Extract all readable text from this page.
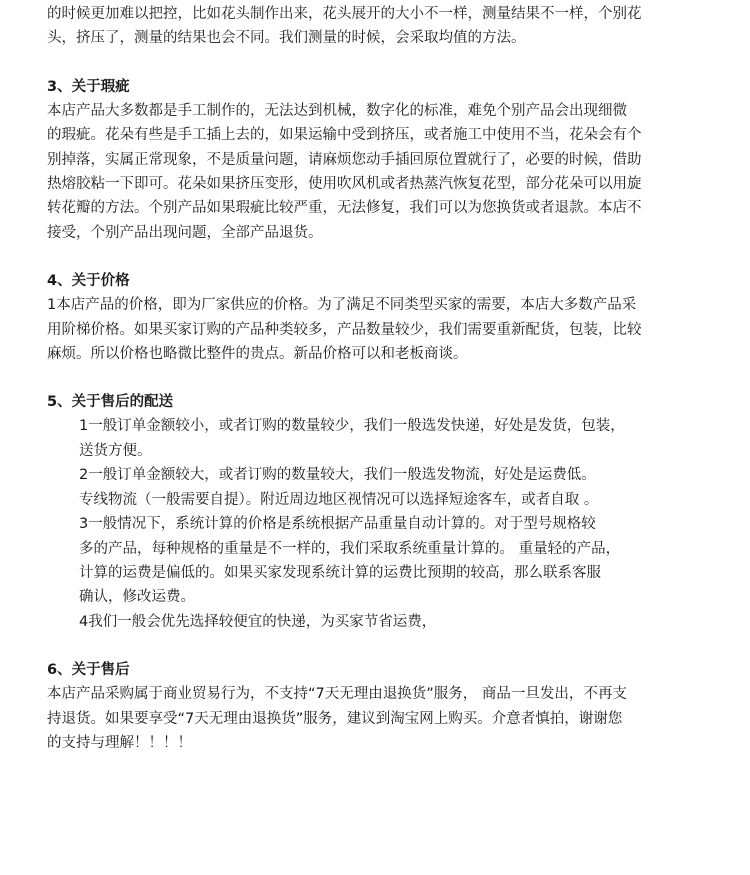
的时候更加难以把控，比如花头制作出来，花头展开的大小不一样，测量结果不一样，个别花

头，挤压了，测量的结果也会不同。我们测量的时候，会采取均值的方法。

3、关于瑕疵

本店产品大多数都是手工制作的，无法达到机械，数字化的标准，难免个别产品会出现细微

的瑕疵。花朵有些是手工插上去的，如果运输中受到挤压，或者施工中使用不当，花朵会有个

别掉落，实属正常现象，不是质量问题，请麻烦您动手插回原位置就行了，必要的时候，借助

热熔胶粘一下即可。花朵如果挤压变形，使用吹风机或者热蒸汽恢复花型，部分花朵可以用旋

转花瓣的方法。个别产品如果瑕疵比较严重，无法修复，我们可以为您换货或者退款。本店不

接受，个别产品出现问题，全部产品退货。

4、关于价格

1本店产品的价格，即为厂家供应的价格。为了满足不同类型买家的需要，本店大多数产品采

用阶梯价格。如果买家订购的产品种类较多，产品数量较少，我们需要重新配货，包装，比较

麻烦。所以价格也略微比整件的贵点。新品价格可以和老板商谈。

5、关于售后的配送

1一般订单金额较小，或者订购的数量较少，我们一般选发快递，好处是发货，包装，

送货方便。

2一般订单金额较大，或者订购的数量较大，我们一般选发物流，好处是运费低。

专线物流（一般需要自提）。附近周边地区视情况可以选择短途客车，或者自取 。

3一般情况下，系统计算的价格是系统根据产品重量自动计算的。对于型号规格较

多的产品，每种规格的重量是不一样的，我们采取系统重量计算的。 重量轻的产品，

计算的运费是偏低的。如果买家发现系统计算的运费比预期的较高，那么联系客服

确认，修改运费。

4我们一般会优先选择较便宜的快递，为买家节省运费，

6、关于售后

本店产品采购属于商业贸易行为，不支持“7天无理由退换货”服务， 商品一旦发出，不再支

持退货。如果要享受“7天无理由退换货”服务，建议到淘宝网上购买。介意者慎拍，谢谢您

的支持与理解！！！！
